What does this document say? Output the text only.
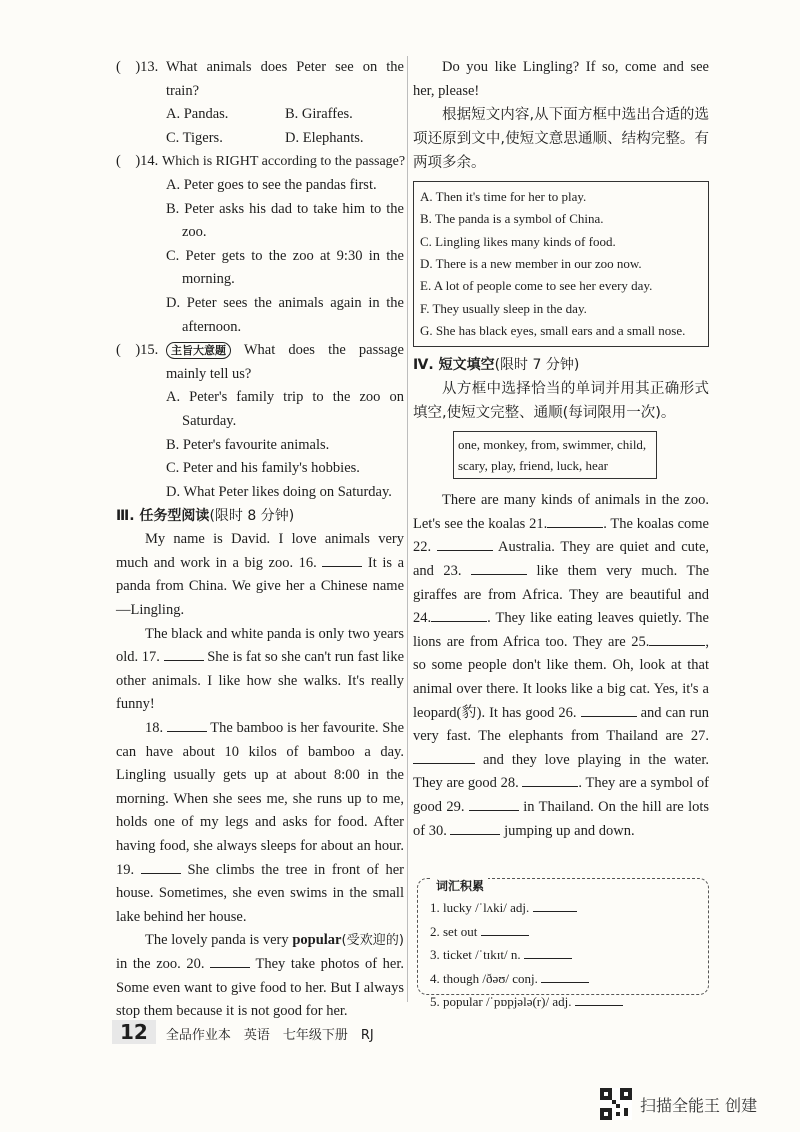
(　)13. What animals does Peter see on the train?
A. Pandas.	B. Giraffes.
C. Tigers.	D. Elephants.
(　)14. Which is RIGHT according to the passage?
A. Peter goes to see the pandas first.
B. Peter asks his dad to take him to the zoo.
C. Peter gets to the zoo at 9:30 in the morning.
D. Peter sees the animals again in the afternoon.
(　)15.	主旨大意题 What does the passage mainly tell us?
A. Peter's family trip to the zoo on Saturday.
B. Peter's favourite animals.
C. Peter and his family's hobbies.
D. What Peter likes doing on Saturday.
Ⅲ. 任务型阅读(限时 8 分钟)

My name is David. I love animals very much and work in a big zoo. 16.	It is a panda from China. We give her a Chinese name—Lingling.

The black and white panda is only two years old. 17.	She is fat so she can't run fast like other animals. I like how she walks. It's really funny!

18.	The bamboo is her favourite. She can have about 10 kilos of bamboo a day. Lingling usually gets up at about 8:00 in the morning. When she sees me, she runs up to me, holds one of my legs and asks for food. After having food, she always sleeps for about an hour. 19.	She climbs the tree in front of her house. Sometimes, she even swims in the small lake behind her house.

The lovely panda is very popular(受欢迎的) in the zoo. 20.	They take photos of her. Some even want to give food to her. But I always stop them because it is not good for her.

Do you like Lingling? If so, come and see her, please!

根据短文内容,从下面方框中选出合适的选项还原到文中,使短文意思通顺、结构完整。有两项多余。
A. Then it's time for her to play.
B. The panda is a symbol of China.
C. Lingling likes many kinds of food.
D. There is a new member in our zoo now.
E. A lot of people come to see her every day.
F. They usually sleep in the day.
G. She has black eyes, small ears and a small nose.
Ⅳ. 短文填空(限时 7 分钟)
从方框中选择恰当的单词并用其正确形式填空,使短文完整、通顺(每词限用一次)。
one, monkey, from, swimmer, child,
scary, play, friend, luck, hear

There are many kinds of animals in the zoo. Let's see the koalas 21.	. The koalas come 22.	Australia. They are quiet and cute, and 23.	like them very much. The giraffes are from Africa. They are beautiful and 24.	. They like eating leaves quietly. The lions are from Africa too. They are 25.	, so some people don't like them. Oh, look at that animal over there. It looks like a big cat. Yes, it's a leopard(豹). It has good 26.	and can run very fast. The elephants from Thailand are 27.  and they love playing in the water. They are good 28.	. They are a symbol of good 29.	in Thailand. On the hill are lots of 30.	jumping up and down.

词汇积累
1. lucky /ˈlʌki/ adj.
2. set out
3. ticket /ˈtɪkɪt/ n.
4. though /ðəʊ/ conj.
5. popular /ˈpɒpjələ(r)/ adj.
12 全品作业本　英语　七年级下册　RJ
扫描全能王 创建
